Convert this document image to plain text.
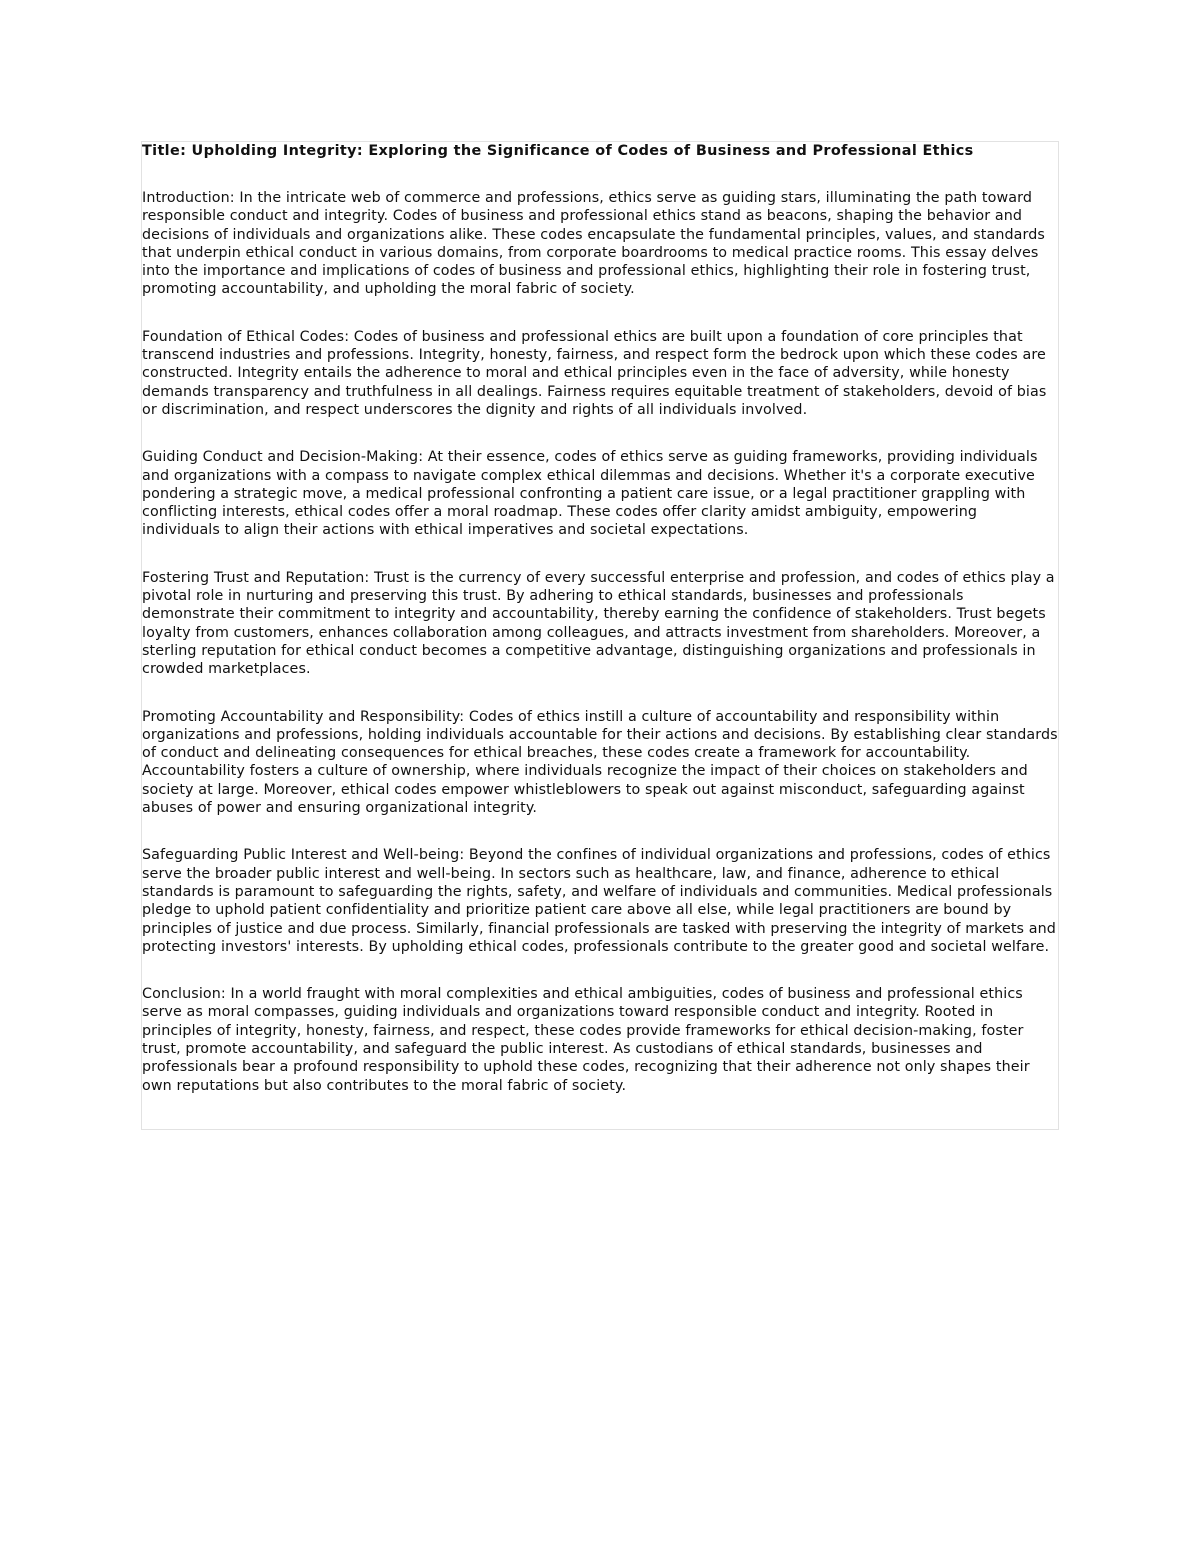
Title: Upholding Integrity: Exploring the Significance of Codes of Business and Professional Ethics

Introduction: In the intricate web of commerce and professions, ethics serve as guiding stars, illuminating the path toward responsible conduct and integrity. Codes of business and professional ethics stand as beacons, shaping the behavior and decisions of individuals and organizations alike. These codes encapsulate the fundamental principles, values, and standards that underpin ethical conduct in various domains, from corporate boardrooms to medical practice rooms. This essay delves into the importance and implications of codes of business and professional ethics, highlighting their role in fostering trust, promoting accountability, and upholding the moral fabric of society.

Foundation of Ethical Codes: Codes of business and professional ethics are built upon a foundation of core principles that transcend industries and professions. Integrity, honesty, fairness, and respect form the bedrock upon which these codes are constructed. Integrity entails the adherence to moral and ethical principles even in the face of adversity, while honesty demands transparency and truthfulness in all dealings. Fairness requires equitable treatment of stakeholders, devoid of bias or discrimination, and respect underscores the dignity and rights of all individuals involved.

Guiding Conduct and Decision-Making: At their essence, codes of ethics serve as guiding frameworks, providing individuals and organizations with a compass to navigate complex ethical dilemmas and decisions. Whether it's a corporate executive pondering a strategic move, a medical professional confronting a patient care issue, or a legal practitioner grappling with conflicting interests, ethical codes offer a moral roadmap. These codes offer clarity amidst ambiguity, empowering individuals to align their actions with ethical imperatives and societal expectations.

Fostering Trust and Reputation: Trust is the currency of every successful enterprise and profession, and codes of ethics play a pivotal role in nurturing and preserving this trust. By adhering to ethical standards, businesses and professionals demonstrate their commitment to integrity and accountability, thereby earning the confidence of stakeholders. Trust begets loyalty from customers, enhances collaboration among colleagues, and attracts investment from shareholders. Moreover, a sterling reputation for ethical conduct becomes a competitive advantage, distinguishing organizations and professionals in crowded marketplaces.

Promoting Accountability and Responsibility: Codes of ethics instill a culture of accountability and responsibility within organizations and professions, holding individuals accountable for their actions and decisions. By establishing clear standards of conduct and delineating consequences for ethical breaches, these codes create a framework for accountability. Accountability fosters a culture of ownership, where individuals recognize the impact of their choices on stakeholders and society at large. Moreover, ethical codes empower whistleblowers to speak out against misconduct, safeguarding against abuses of power and ensuring organizational integrity.

Safeguarding Public Interest and Well-being: Beyond the confines of individual organizations and professions, codes of ethics serve the broader public interest and well-being. In sectors such as healthcare, law, and finance, adherence to ethical standards is paramount to safeguarding the rights, safety, and welfare of individuals and communities. Medical professionals pledge to uphold patient confidentiality and prioritize patient care above all else, while legal practitioners are bound by principles of justice and due process. Similarly, financial professionals are tasked with preserving the integrity of markets and protecting investors' interests. By upholding ethical codes, professionals contribute to the greater good and societal welfare.

Conclusion: In a world fraught with moral complexities and ethical ambiguities, codes of business and professional ethics serve as moral compasses, guiding individuals and organizations toward responsible conduct and integrity. Rooted in principles of integrity, honesty, fairness, and respect, these codes provide frameworks for ethical decision-making, foster trust, promote accountability, and safeguard the public interest. As custodians of ethical standards, businesses and professionals bear a profound responsibility to uphold these codes, recognizing that their adherence not only shapes their own reputations but also contributes to the moral fabric of society.
